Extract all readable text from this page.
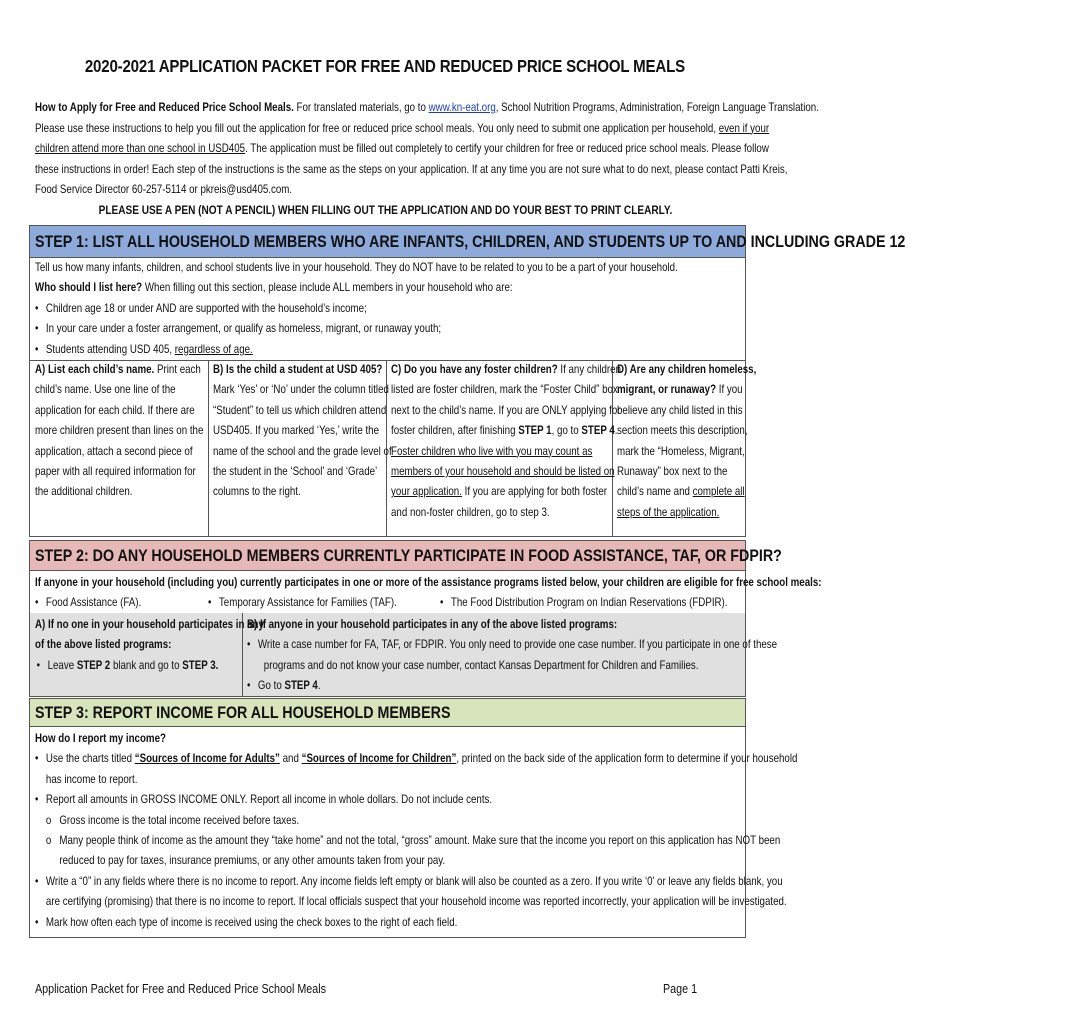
2020-2021 APPLICATION PACKET FOR FREE AND REDUCED PRICE SCHOOL MEALS
How to Apply for Free and Reduced Price School Meals. For translated materials, go to www.kn-eat.org, School Nutrition Programs, Administration, Foreign Language Translation.
Please use these instructions to help you fill out the application for free or reduced price school meals. You only need to submit one application per household, even if your
children attend more than one school in USD405. The application must be filled out completely to certify your children for free or reduced price school meals. Please follow
these instructions in order! Each step of the instructions is the same as the steps on your application. If at any time you are not sure what to do next, please contact Patti Kreis,
Food Service Director 60-257-5114 or pkreis@usd405.com.
PLEASE USE A PEN (NOT A PENCIL) WHEN FILLING OUT THE APPLICATION AND DO YOUR BEST TO PRINT CLEARLY.
STEP 1: LIST ALL HOUSEHOLD MEMBERS WHO ARE INFANTS, CHILDREN, AND STUDENTS UP TO AND INCLUDING GRADE 12
Tell us how many infants, children, and school students live in your household. They do NOT have to be related to you to be a part of your household.
Who should I list here? When filling out this section, please include ALL members in your household who are:
• Children age 18 or under AND are supported with the household’s income;
• In your care under a foster arrangement, or qualify as homeless, migrant, or runaway youth;
• Students attending USD 405, regardless of age.
A) List each child’s name. Print each
child’s name. Use one line of the
application for each child. If there are
more children present than lines on the
application, attach a second piece of
paper with all required information for
the additional children.
B) Is the child a student at USD 405?
Mark ‘Yes’ or ‘No’ under the column titled
“Student” to tell us which children attend
USD405. If you marked ‘Yes,’ write the
name of the school and the grade level of
the student in the ‘School’ and ‘Grade’
columns to the right.
C) Do you have any foster children? If any children
listed are foster children, mark the “Foster Child” box
next to the child’s name. If you are ONLY applying for
foster children, after finishing STEP 1, go to STEP 4.
Foster children who live with you may count as
members of your household and should be listed on
your application. If you are applying for both foster
and non-foster children, go to step 3.
D) Are any children homeless,
migrant, or runaway? If you
believe any child listed in this
section meets this description,
mark the “Homeless, Migrant,
Runaway” box next to the
child’s name and complete all
steps of the application.
STEP 2: DO ANY HOUSEHOLD MEMBERS CURRENTLY PARTICIPATE IN FOOD ASSISTANCE, TAF, OR FDPIR?
If anyone in your household (including you) currently participates in one or more of the assistance programs listed below, your children are eligible for free school meals:
• Food Assistance (FA).	• Temporary Assistance for Families (TAF).	• The Food Distribution Program on Indian Reservations (FDPIR).
A) If no one in your household participates in any
of the above listed programs:
• Leave STEP 2 blank and go to STEP 3.
B) If anyone in your household participates in any of the above listed programs:
• Write a case number for FA, TAF, or FDPIR. You only need to provide one case number. If you participate in one of these
programs and do not know your case number, contact Kansas Department for Children and Families.
• Go to STEP 4.
STEP 3: REPORT INCOME FOR ALL HOUSEHOLD MEMBERS
How do I report my income?
• Use the charts titled “Sources of Income for Adults” and “Sources of Income for Children”, printed on the back side of the application form to determine if your household
has income to report.
• Report all amounts in GROSS INCOME ONLY. Report all income in whole dollars. Do not include cents.
o Gross income is the total income received before taxes.
o Many people think of income as the amount they “take home” and not the total, “gross” amount. Make sure that the income you report on this application has NOT been
reduced to pay for taxes, insurance premiums, or any other amounts taken from your pay.
• Write a “0” in any fields where there is no income to report. Any income fields left empty or blank will also be counted as a zero. If you write ‘0’ or leave any fields blank, you
are certifying (promising) that there is no income to report. If local officials suspect that your household income was reported incorrectly, your application will be investigated.
• Mark how often each type of income is received using the check boxes to the right of each field.
Application Packet for Free and Reduced Price School Meals	Page 1
